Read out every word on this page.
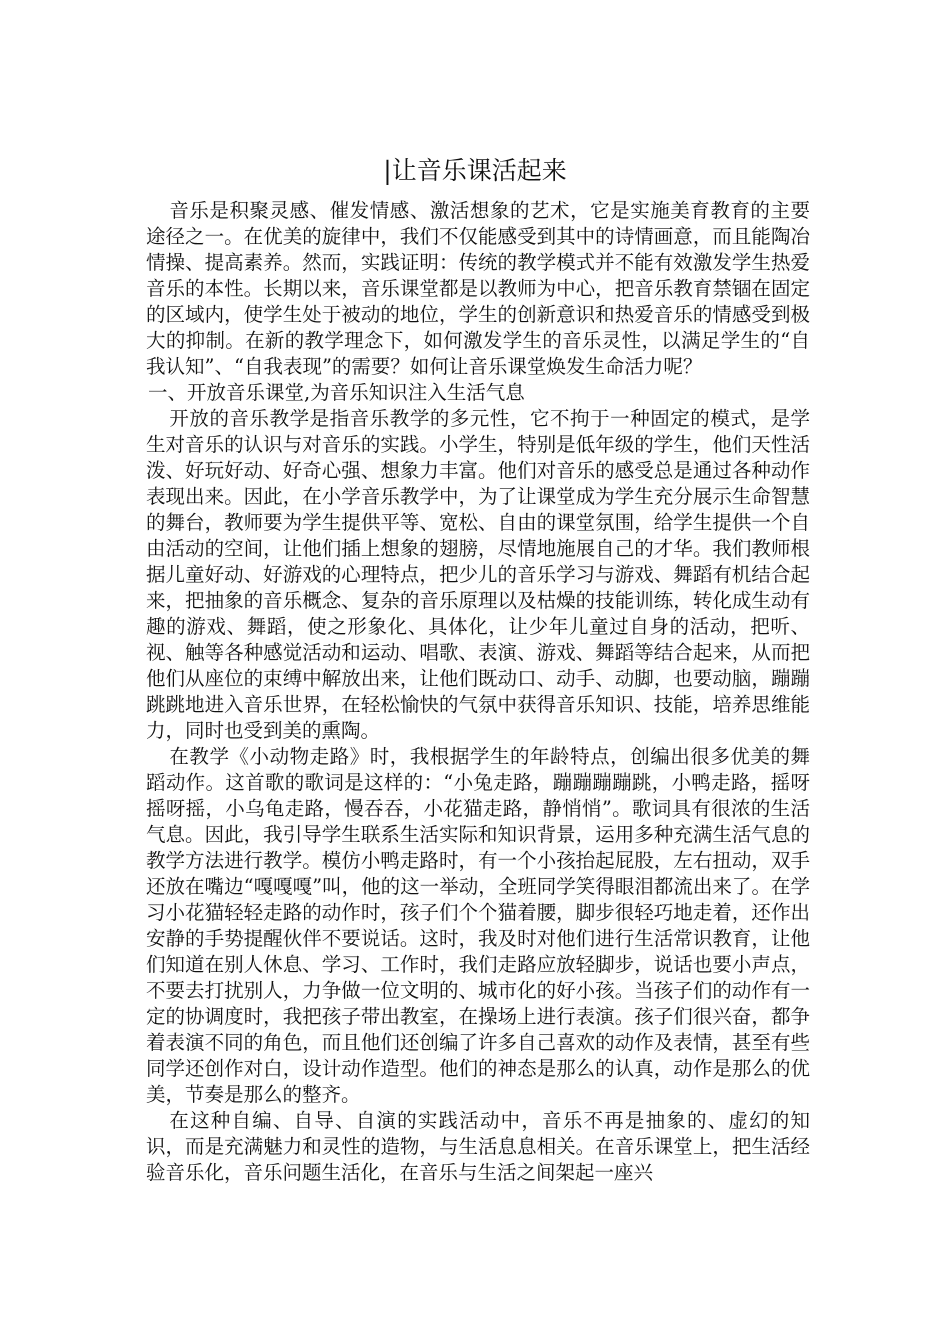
|让音乐课活起来

音乐是积聚灵感、催发情感、激活想象的艺术，它是实施美育教育的主要途径之一。在优美的旋律中，我们不仅能感受到其中的诗情画意，而且能陶冶情操、提高素养。然而，实践证明：传统的教学模式并不能有效激发学生热爱音乐的本性。长期以来，音乐课堂都是以教师为中心，把音乐教育禁锢在固定的区域内，使学生处于被动的地位，学生的创新意识和热爱音乐的情感受到极大的抑制。在新的教学理念下，如何激发学生的音乐灵性，以满足学生的“自我认知”、“自我表现”的需要？如何让音乐课堂焕发生命活力呢？

一、开放音乐课堂,为音乐知识注入生活气息

开放的音乐教学是指音乐教学的多元性，它不拘于一种固定的模式，是学生对音乐的认识与对音乐的实践。小学生，特别是低年级的学生，他们天性活泼、好玩好动、好奇心强、想象力丰富。他们对音乐的感受总是通过各种动作表现出来。因此，在小学音乐教学中，为了让课堂成为学生充分展示生命智慧的舞台，教师要为学生提供平等、宽松、自由的课堂氛围，给学生提供一个自由活动的空间，让他们插上想象的翅膀，尽情地施展自己的才华。我们教师根据儿童好动、好游戏的心理特点，把少儿的音乐学习与游戏、舞蹈有机结合起来，把抽象的音乐概念、复杂的音乐原理以及枯燥的技能训练，转化成生动有趣的游戏、舞蹈，使之形象化、具体化，让少年儿童过自身的活动，把听、视、触等各种感觉活动和运动、唱歌、表演、游戏、舞蹈等结合起来，从而把他们从座位的束缚中解放出来，让他们既动口、动手、动脚，也要动脑，蹦蹦跳跳地进入音乐世界，在轻松愉快的气氛中获得音乐知识、技能，培养思维能力，同时也受到美的熏陶。

在教学《小动物走路》时，我根据学生的年龄特点，创编出很多优美的舞蹈动作。这首歌的歌词是这样的：“小兔走路，蹦蹦蹦蹦跳，小鸭走路，摇呀摇呀摇，小乌龟走路，慢吞吞，小花猫走路，静悄悄”。歌词具有很浓的生活气息。因此，我引导学生联系生活实际和知识背景，运用多种充满生活气息的教学方法进行教学。模仿小鸭走路时，有一个小孩抬起屁股，左右扭动，双手还放在嘴边“嘎嘎嘎”叫，他的这一举动，全班同学笑得眼泪都流出来了。在学习小花猫轻轻走路的动作时，孩子们个个猫着腰，脚步很轻巧地走着，还作出安静的手势提醒伙伴不要说话。这时，我及时对他们进行生活常识教育，让他们知道在别人休息、学习、工作时，我们走路应放轻脚步，说话也要小声点，不要去打扰别人，力争做一位文明的、城市化的好小孩。当孩子们的动作有一定的协调度时，我把孩子带出教室，在操场上进行表演。孩子们很兴奋，都争着表演不同的角色，而且他们还创编了许多自己喜欢的动作及表情，甚至有些同学还创作对白，设计动作造型。他们的神态是那么的认真，动作是那么的优美，节奏是那么的整齐。

在这种自编、自导、自演的实践活动中，音乐不再是抽象的、虚幻的知识，而是充满魅力和灵性的造物，与生活息息相关。在音乐课堂上，把生活经验音乐化，音乐问题生活化，在音乐与生活之间架起一座兴
